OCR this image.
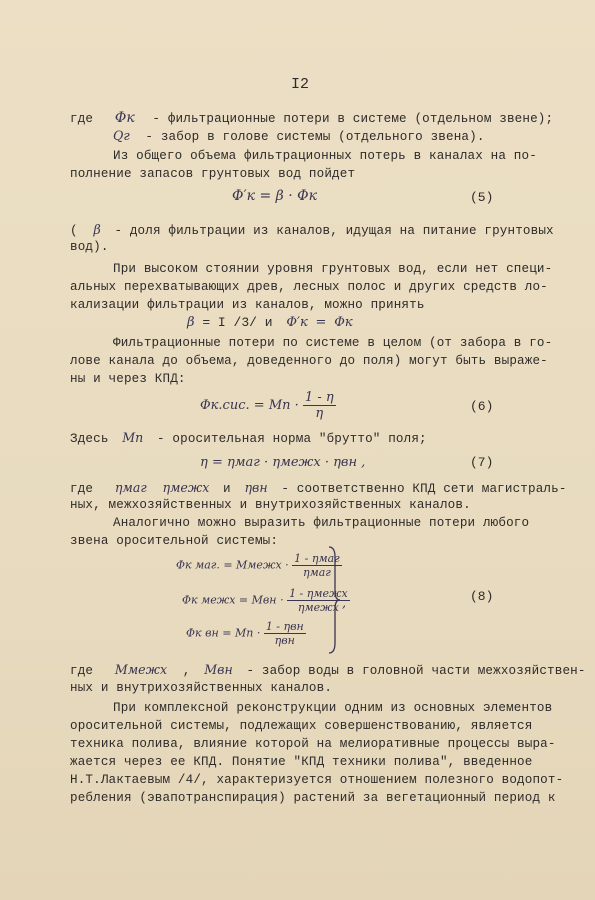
I2
где Φк - фильтрационные потери в системе (отдельном звене);
Qг - забор в голове системы (отдельного звена).
Из общего объема фильтрационных потерь в каналах на по-
полнение запасов грунтовых вод пойдет
Φ′к = β · Φк	(5)
( β - доля фильтрации из каналов, идущая на питание грунтовых
вод).
При высоком стоянии уровня грунтовых вод, если нет специ-
альных перехватывающих древ, лесных полос и других средств ло-
кализации фильтрации из каналов, можно принять
β = I /3/ и Φ′к = Φк
Фильтрационные потери по системе в целом (от забора в го-
лове канала до объема, доведенного до поля) могут быть выраже-
ны и через КПД:
Φк.сис. = Мп · $\frac{1 - \eta}{\eta}$	(6)
Здесь Мп - оросительная норма "брутто" поля;
η = ηмаг · ηмежх · ηвн ,	(7)
где ηмаг ηмежх и ηвн - соответственно КПД сети магистраль-
ных, межхозяйственных и внутрихозяйственных каналов.
Аналогично можно выразить фильтрационные потери любого
звена оросительной системы:
Φк маг. = Ммежх · $\frac{\text{1 - ηмаг}}{\text{ηмаг}}$
Φк межх = Мвн · $\frac{\text{1 - ηмежх}}{\text{ηмежх}}$
Φк вн = Мп · $\frac{\text{1 - ηвн}}{\text{ηвн}}$
,	(8)
где Ммежх , Мвн - забор воды в головной части межхозяйствен-
ных и внутрихозяйственных каналов.
При комплексной реконструкции одним из основных элементов
оросительной системы, подлежащих совершенствованию, является
техника полива, влияние которой на мелиоративные процессы выра-
жается через ее КПД. Понятие "КПД техники полива", введенное
Н.Т.Лактаевым /4/, характеризуется отношением полезного водопот-
ребления (эвапотранспирация) растений за вегетационный период к
